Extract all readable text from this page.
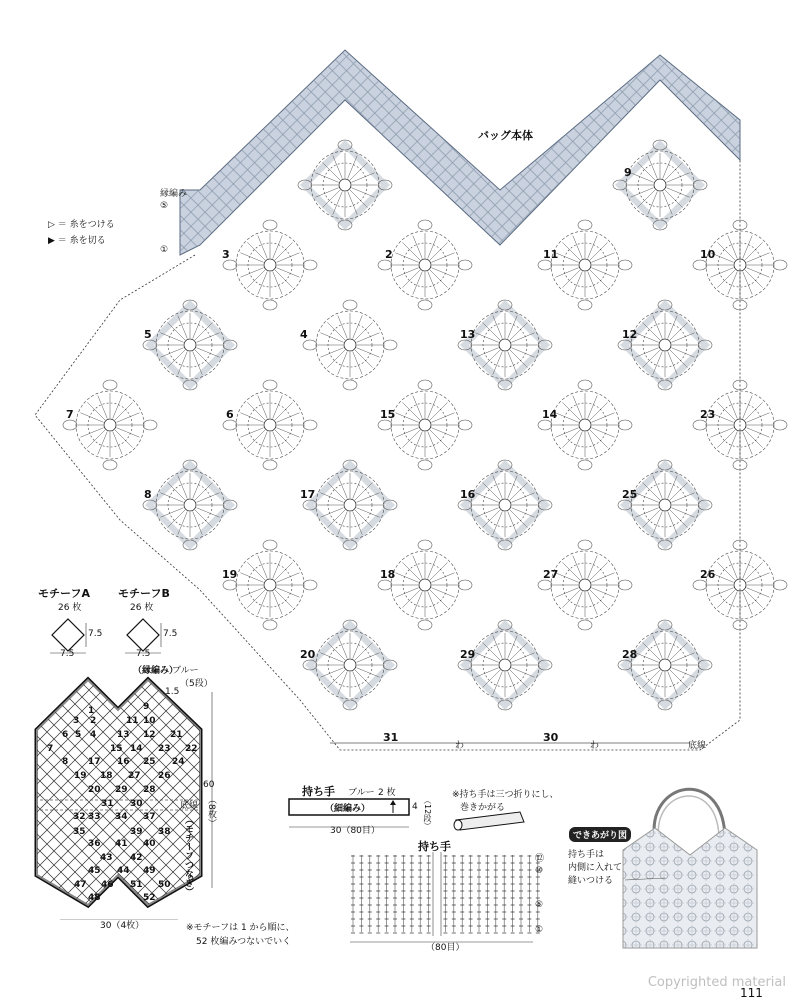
バッグ本体
縁編み
⑤
①
底線
わ	わ
9
3	2	11	10
5	4	13	12
7	6	15	14	23
8	17	16	25
19	18	27	26
20	29	28
31	30
▷ ＝ 糸をつける
▶ ＝ 糸を切る
モチーフA
26 枚
モチーフB
26 枚
7.5
7.5
7.5
7.5
1	9
3 2	11 10
4
5	13 12
7
6
15 14
21
22
8 17 16 25 24
23
19 18 27 26
20 29 28
31 30
32 33 34 37
35
36
39 38
41 40
43 42
45 44 49
47 46 51 50
48	52
（縁編み）
ブルー
（5段）
1.5
60
（8枚）
底線
（モチーフつなぎ）
30（4枚）	※モチーフは 1 から順に、
52 枚編みつないでいく
持ち手 ブルー 2 枚
（細編み）	4 （12段）
30（80目）
※持ち手は三つ折りにし、
巻きかがる
持ち手
⑫
⑩
⑤
①
（80目）
できあがり図
持ち手は
内側に入れて
縫いつける
111
Copyrighted material
